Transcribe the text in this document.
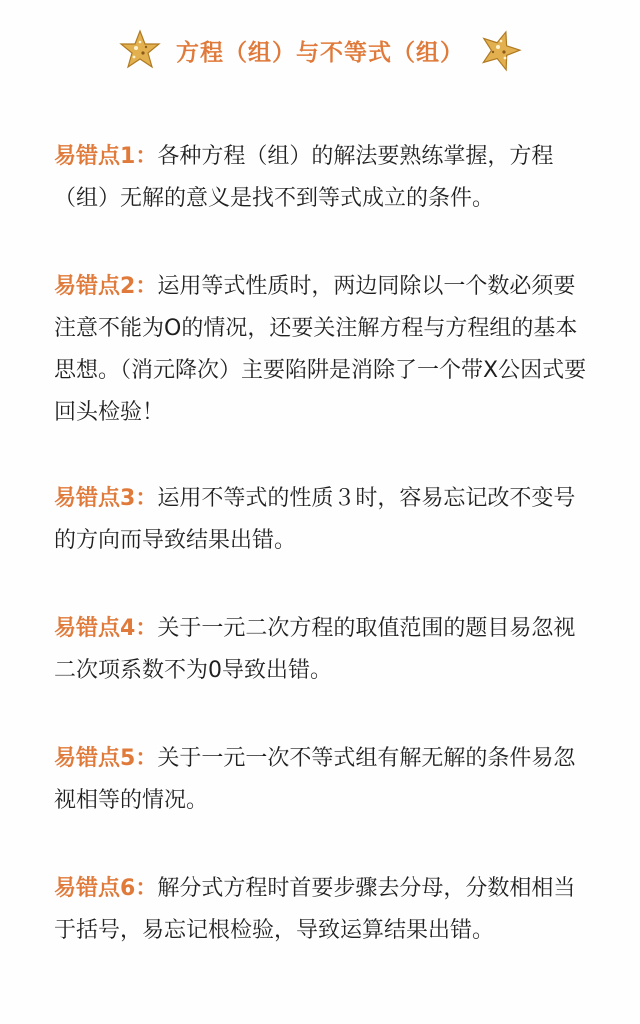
方程（组）与不等式（组）

易错点1：各种方程（组）的解法要熟练掌握，方程（组）无解的意义是找不到等式成立的条件。

易错点2：运用等式性质时，两边同除以一个数必须要注意不能为O的情况，还要关注解方程与方程组的基本思想。（消元降次）主要陷阱是消除了一个带X公因式要回头检验！

易错点3：运用不等式的性质３时，容易忘记改不变号的方向而导致结果出错。

易错点4：关于一元二次方程的取值范围的题目易忽视二次项系数不为0导致出错。

易错点5：关于一元一次不等式组有解无解的条件易忽视相等的情况。

易错点6：解分式方程时首要步骤去分母，分数相相当于括号，易忘记根检验，导致运算结果出错。
